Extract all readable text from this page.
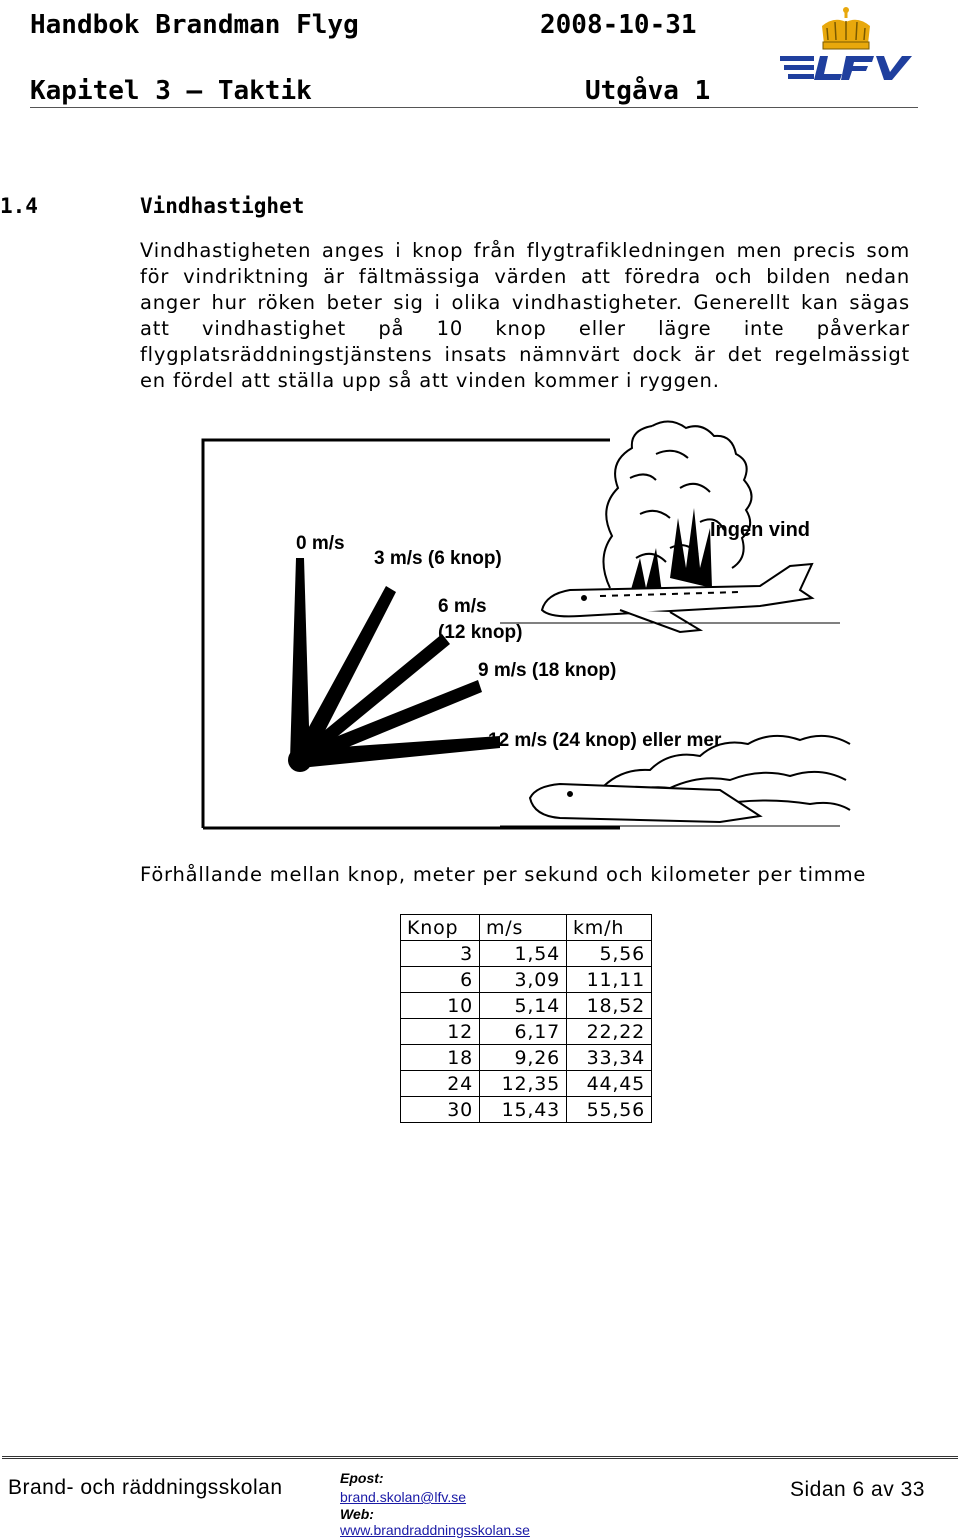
Handbok Brandman Flyg	2008-10-31
Kapitel 3 — Taktik	Utgåva 1
1.4	Vindhastighet
Vindhastigheten anges i knop från flygtrafikledningen men precis som
för vindriktning är fältmässiga värden att föredra och bilden nedan
anger hur röken beter sig i olika vindhastigheter. Generellt kan sägas
att vindhastighet på 10 knop eller lägre inte påverkar
flygplatsräddningstjänstens insats nämnvärt dock är det regelmässigt
en fördel att ställa upp så att vinden kommer i ryggen.
0 m/s
3 m/s (6 knop)
6 m/s
(12 knop)
9 m/s (18 knop)
12 m/s (24 knop) eller mer
Ingen vind
Förhållande mellan knop, meter per sekund och kilometer per timme
Knop	m/s	km/h
3	1,54	5,56
6	3,09	11,11
10	5,14	18,52
12	6,17	22,22
18	9,26	33,34
24	12,35	44,45
30	15,43	55,56
Brand- och räddningsskolan	Epost:
brand.skolan@lfv.se
Web:
www.brandraddningsskolan.se
Sidan 6 av 33
